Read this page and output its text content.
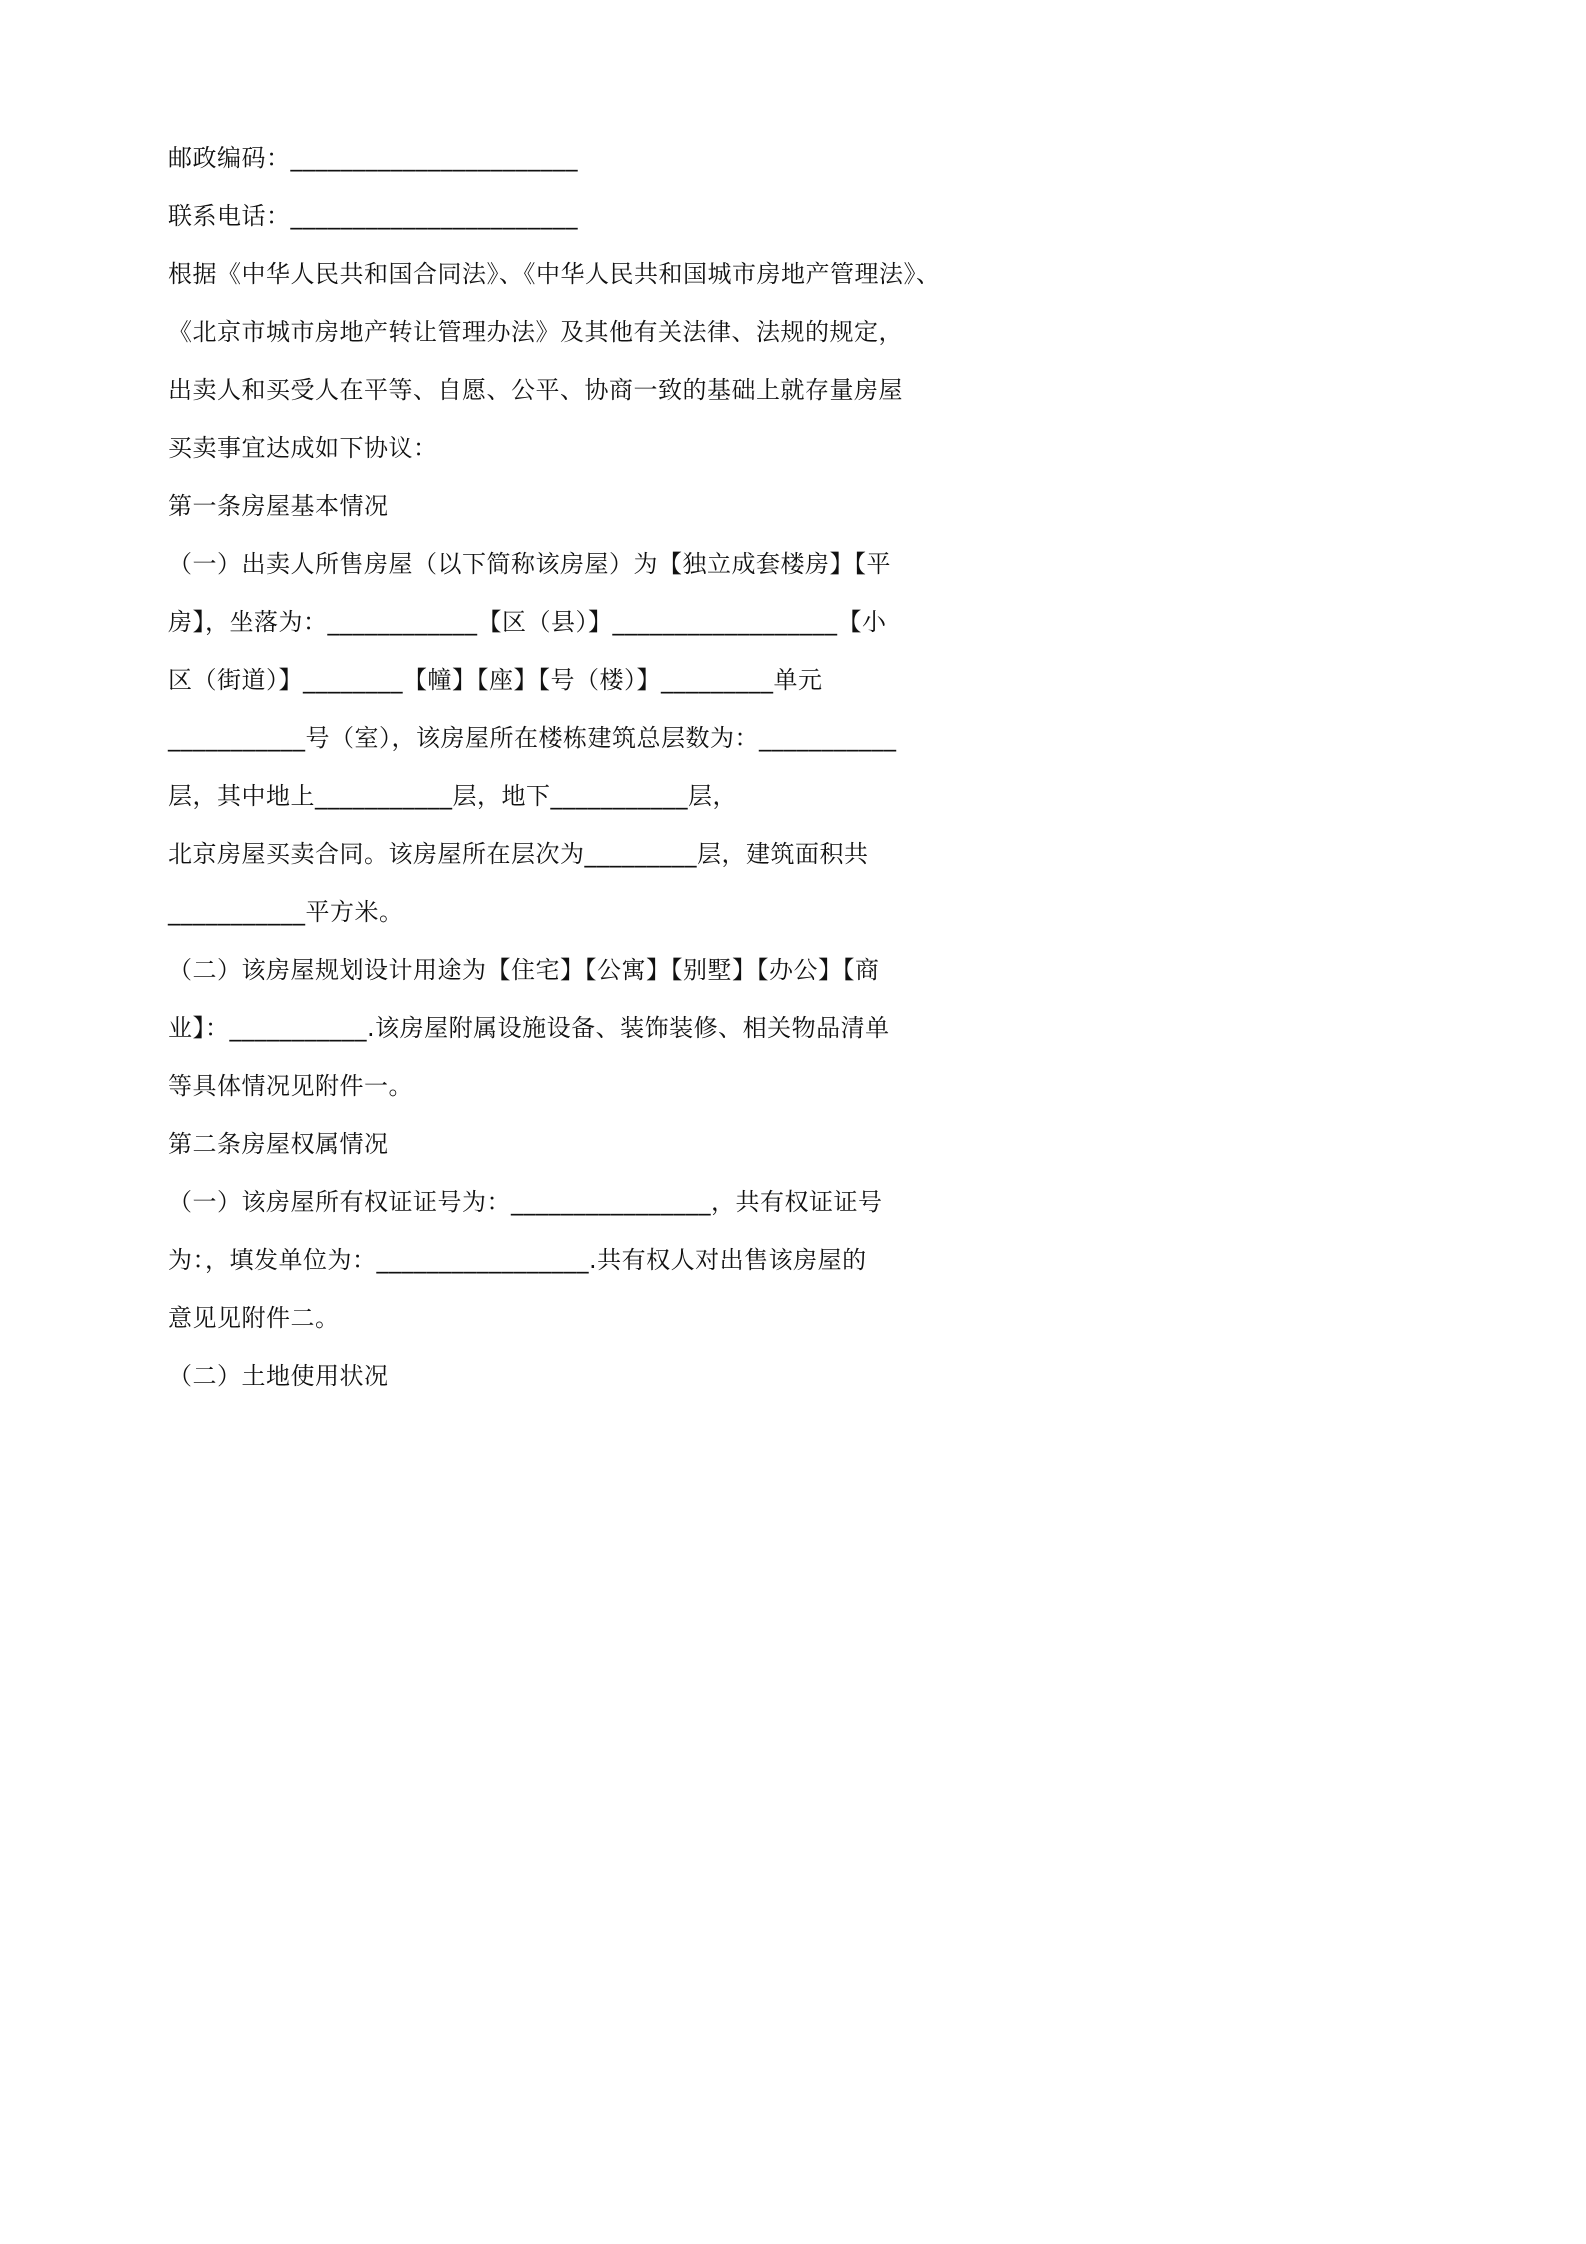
邮政编码：_______________________
联系电话：_______________________
根据《中华人民共和国合同法》、《中华人民共和国城市房地产管理法》、
《北京市城市房地产转让管理办法》及其他有关法律、法规的规定，
出卖人和买受人在平等、自愿、公平、协商一致的基础上就存量房屋
买卖事宜达成如下协议：
第一条房屋基本情况
（一）出卖人所售房屋（以下简称该房屋）为【独立成套楼房】【平
房】，坐落为：____________【区（县）】__________________【小
区（街道）】________【幢】【座】【号（楼）】_________单元
___________号（室），该房屋所在楼栋建筑总层数为：___________
层，其中地上___________层，地下___________层，
北京房屋买卖合同。该房屋所在层次为_________层，建筑面积共
___________平方米。
（二）该房屋规划设计用途为【住宅】【公寓】【别墅】【办公】【商
业】：___________.该房屋附属设施设备、装饰装修、相关物品清单
等具体情况见附件一。
第二条房屋权属情况
（一）该房屋所有权证证号为：________________，共有权证证号
为：，填发单位为：_________________.共有权人对出售该房屋的
意见见附件二。
（二）土地使用状况
